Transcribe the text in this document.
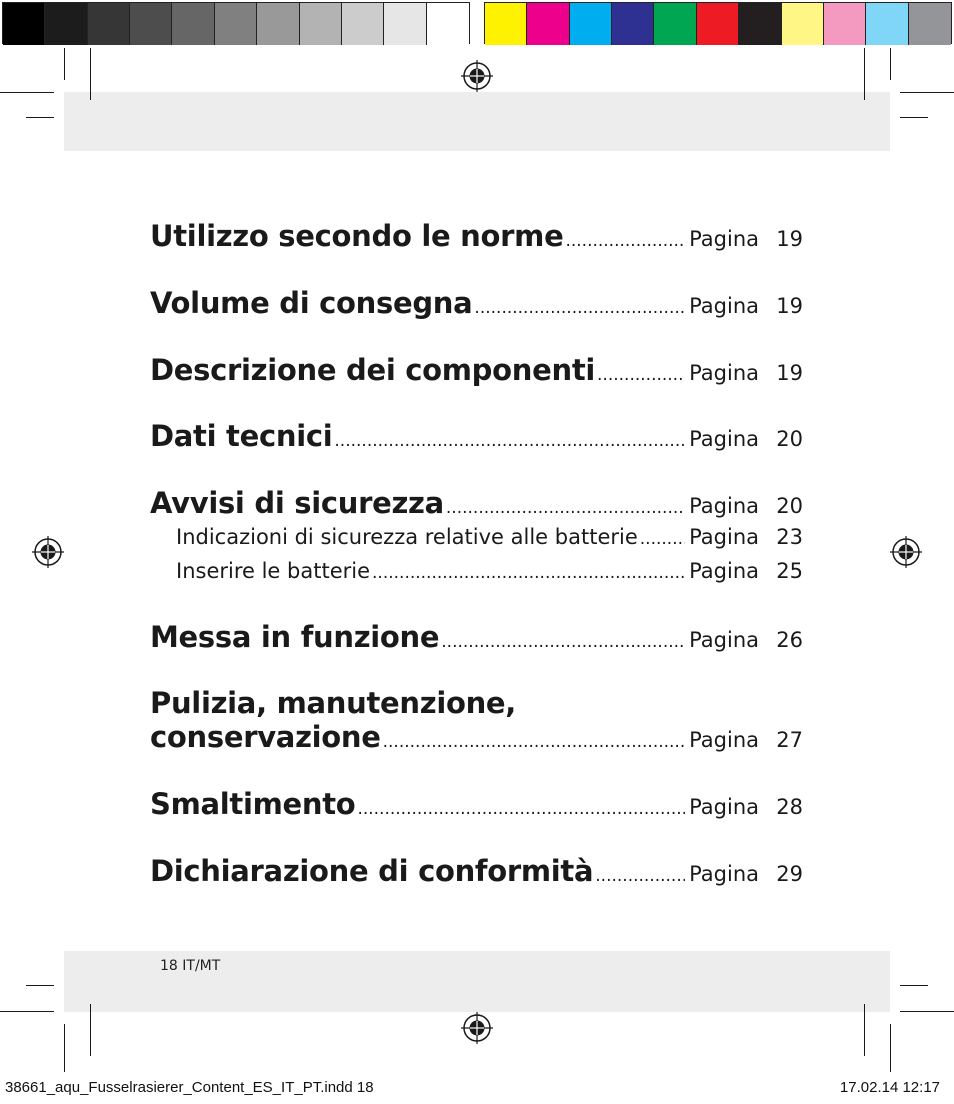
Utilizzo secondo le norme .....	Pagina 19
Volume di consegna .....	Pagina 19
Descrizione dei componenti .....	Pagina 19
Dati tecnici .....	Pagina 20
Avvisi di sicurezza .....	Pagina 20
Indicazioni di sicurezza relative alle batterie ..... Pagina 23
Inserire le batterie .....	Pagina 25
Messa in funzione .....	Pagina 26
Pulizia, manutenzione,
conservazione .....	Pagina 27
Smaltimento .....	Pagina 28
Dichiarazione di conformità .....	Pagina 29
18 IT/MT
38661_aqu_Fusselrasierer_Content_ES_IT_PT.indd 18	17.02.14 12:17
